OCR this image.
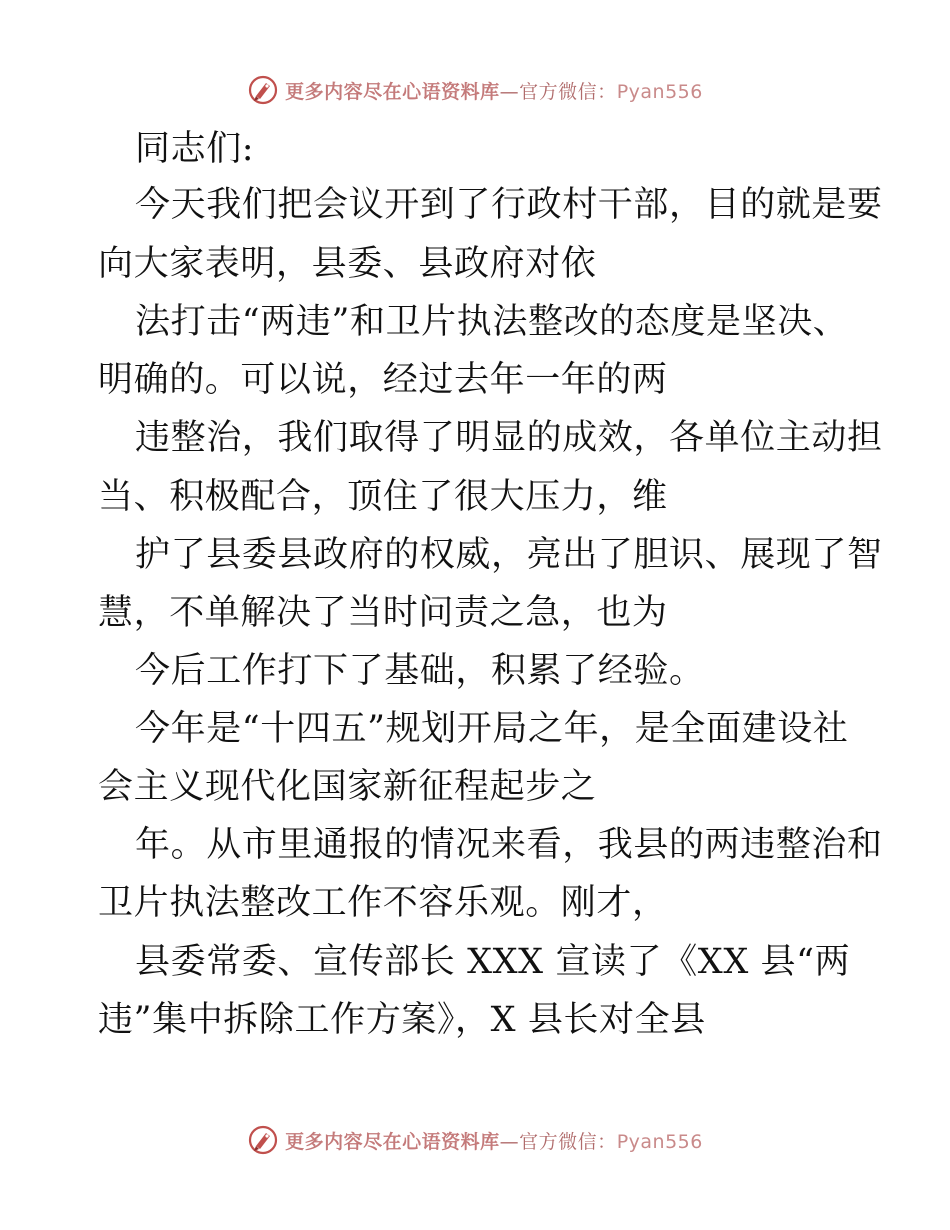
更多内容尽在心语资料库—官方微信：Pyan556
同志们:
今天我们把会议开到了行政村干部，目的就是要
向大家表明，县委、县政府对依
法打击“两违”和卫片执法整改的态度是坚决、
明确的。可以说，经过去年一年的两
违整治，我们取得了明显的成效，各单位主动担
当、积极配合，顶住了很大压力，维
护了县委县政府的权威，亮出了胆识、展现了智
慧，不单解决了当时问责之急，也为
今后工作打下了基础，积累了经验。
今年是“十四五”规划开局之年，是全面建设社
会主义现代化国家新征程起步之
年。从市里通报的情况来看，我县的两违整治和
卫片执法整改工作不容乐观。刚才，
县委常委、宣传部长 XXX 宣读了《XX 县“两
违”集中拆除工作方案》，X 县长对全县
更多内容尽在心语资料库—官方微信：Pyan556
